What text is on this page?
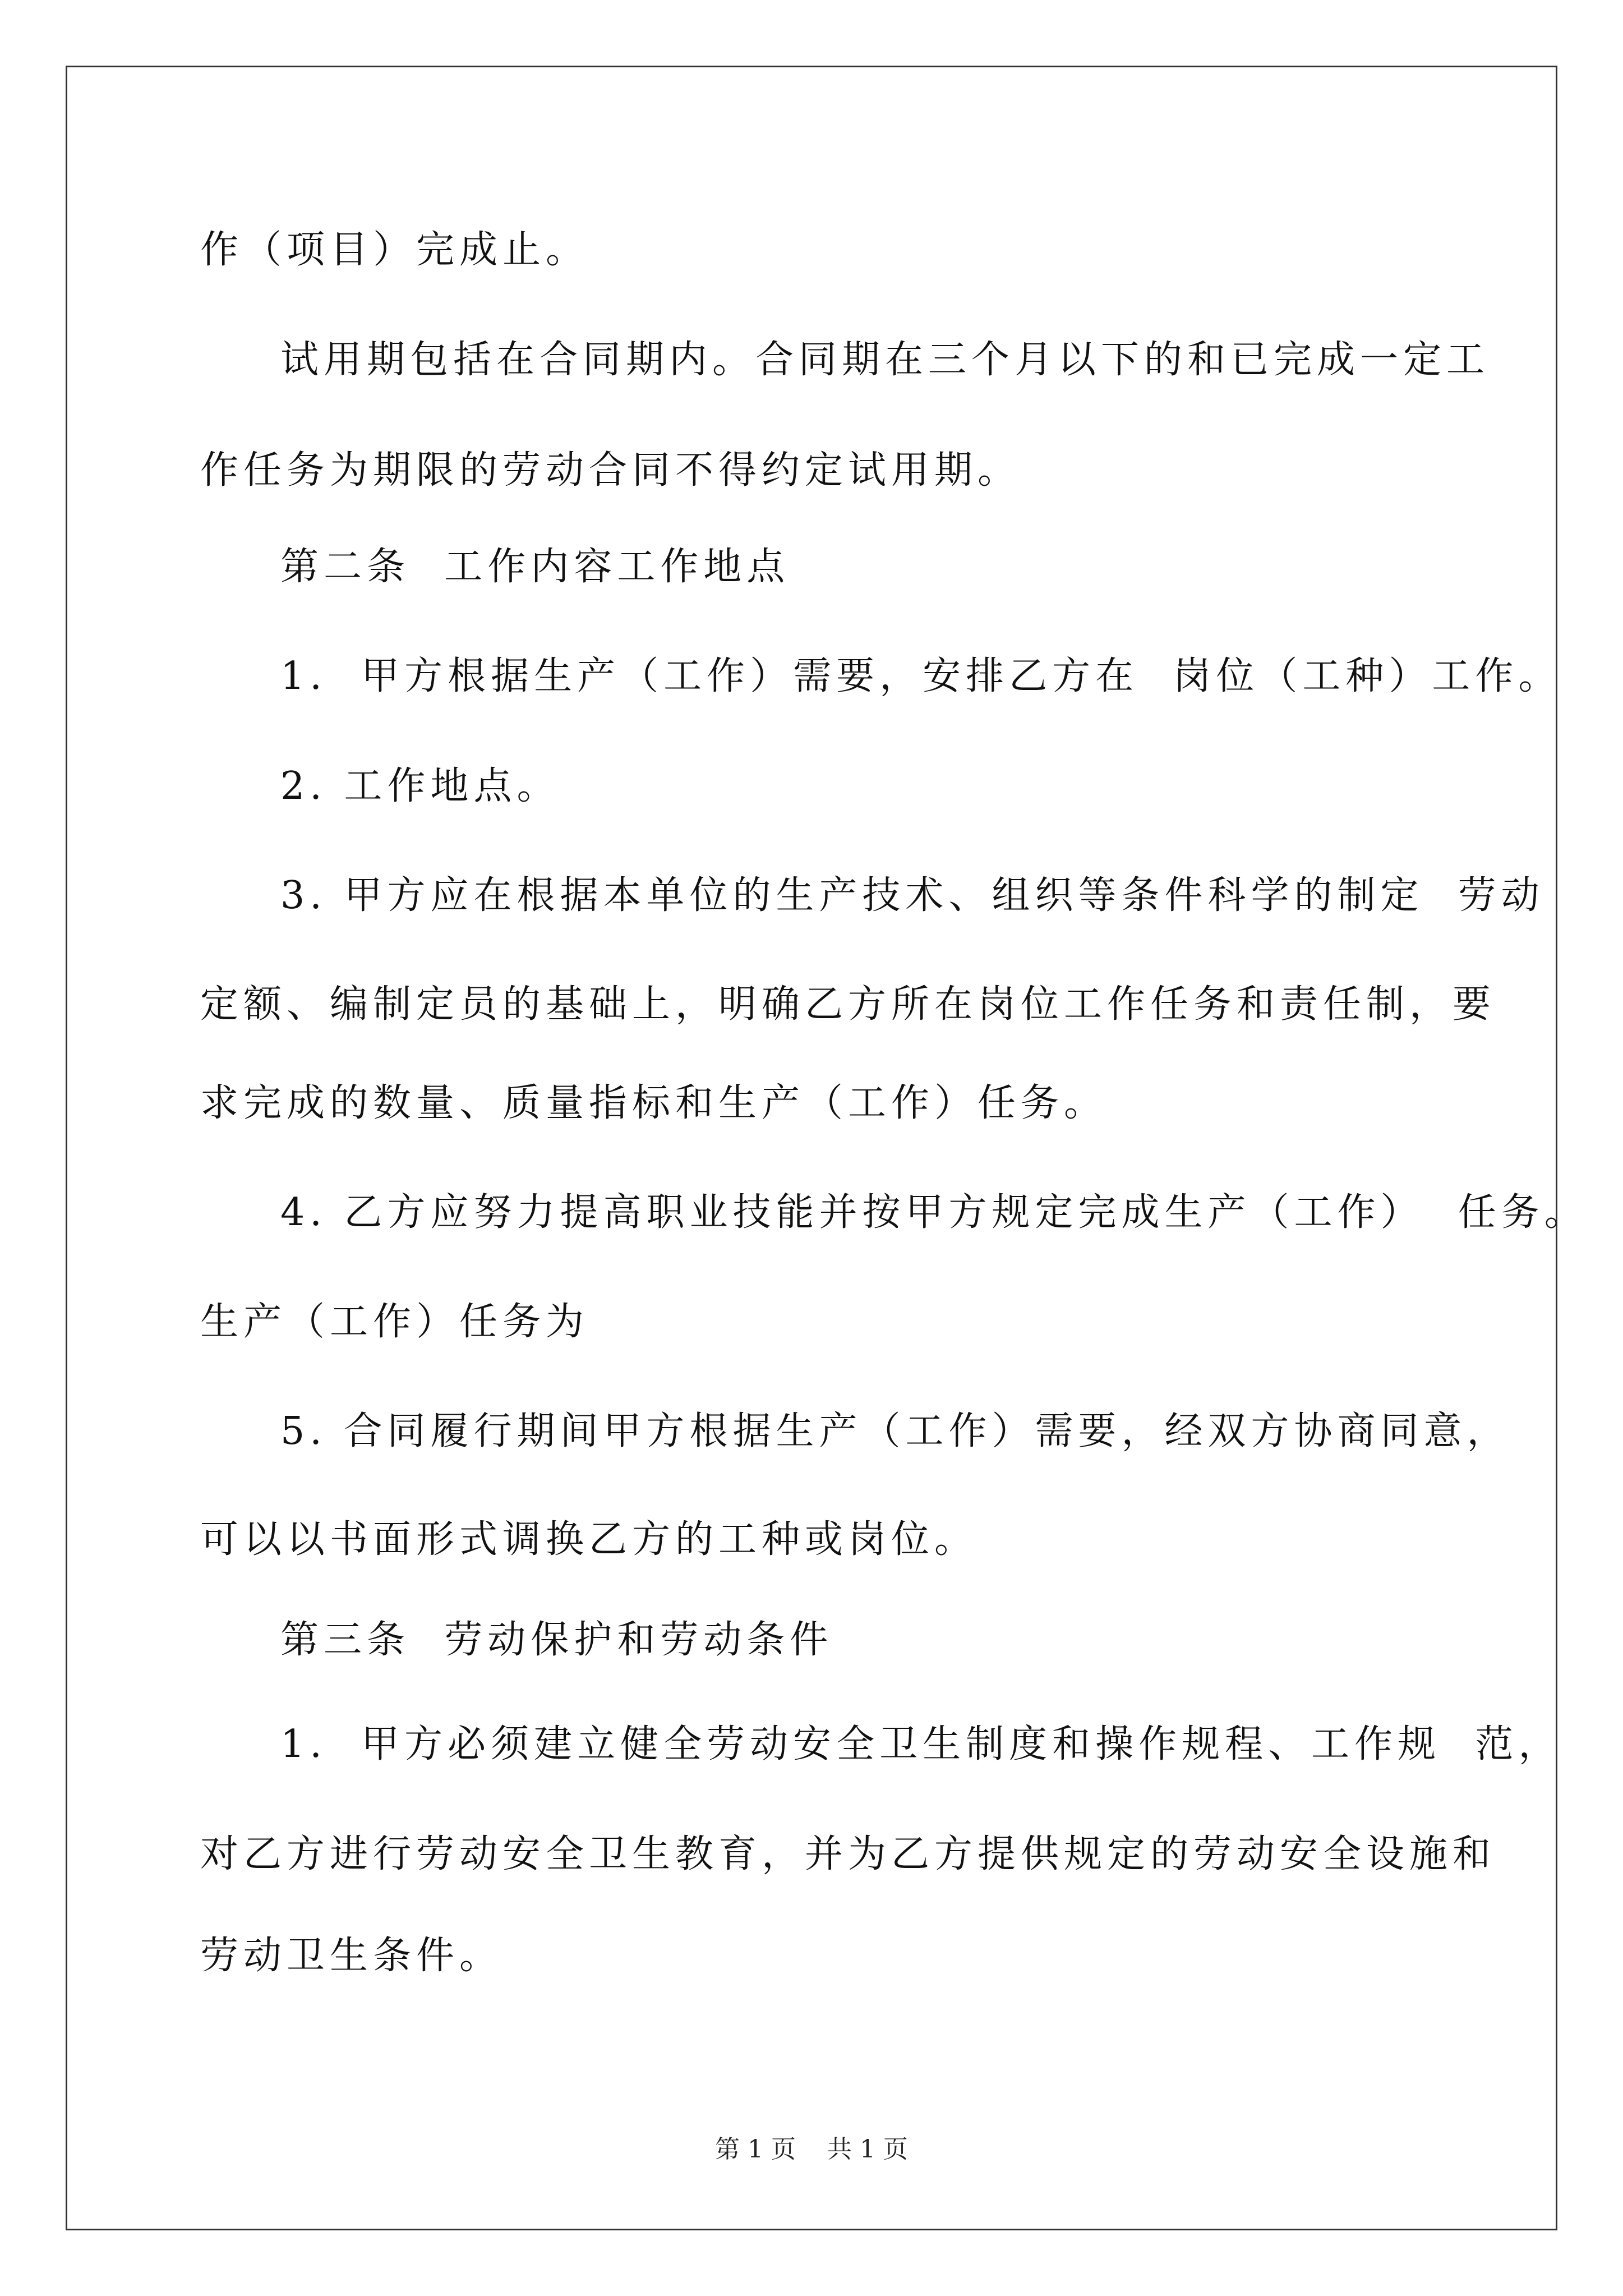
作（项目）完成止。
试用期包括在合同期内。合同期在三个月以下的和已完成一定工
作任务为期限的劳动合同不得约定试用期。
第二条  工作内容工作地点
1.  甲方根据生产（工作）需要，安排乙方在  岗位（工种）工作。
2. 工作地点。
3. 甲方应在根据本单位的生产技术、组织等条件科学的制定  劳动
定额、编制定员的基础上，明确乙方所在岗位工作任务和责任制，要
求完成的数量、质量指标和生产（工作）任务。
4. 乙方应努力提高职业技能并按甲方规定完成生产（工作）  任务。
生产（工作）任务为
5. 合同履行期间甲方根据生产（工作）需要，经双方协商同意，
可以以书面形式调换乙方的工种或岗位。
第三条  劳动保护和劳动条件
1.  甲方必须建立健全劳动安全卫生制度和操作规程、工作规  范，
对乙方进行劳动安全卫生教育，并为乙方提供规定的劳动安全设施和
劳动卫生条件。
第 1 页    共 1 页
